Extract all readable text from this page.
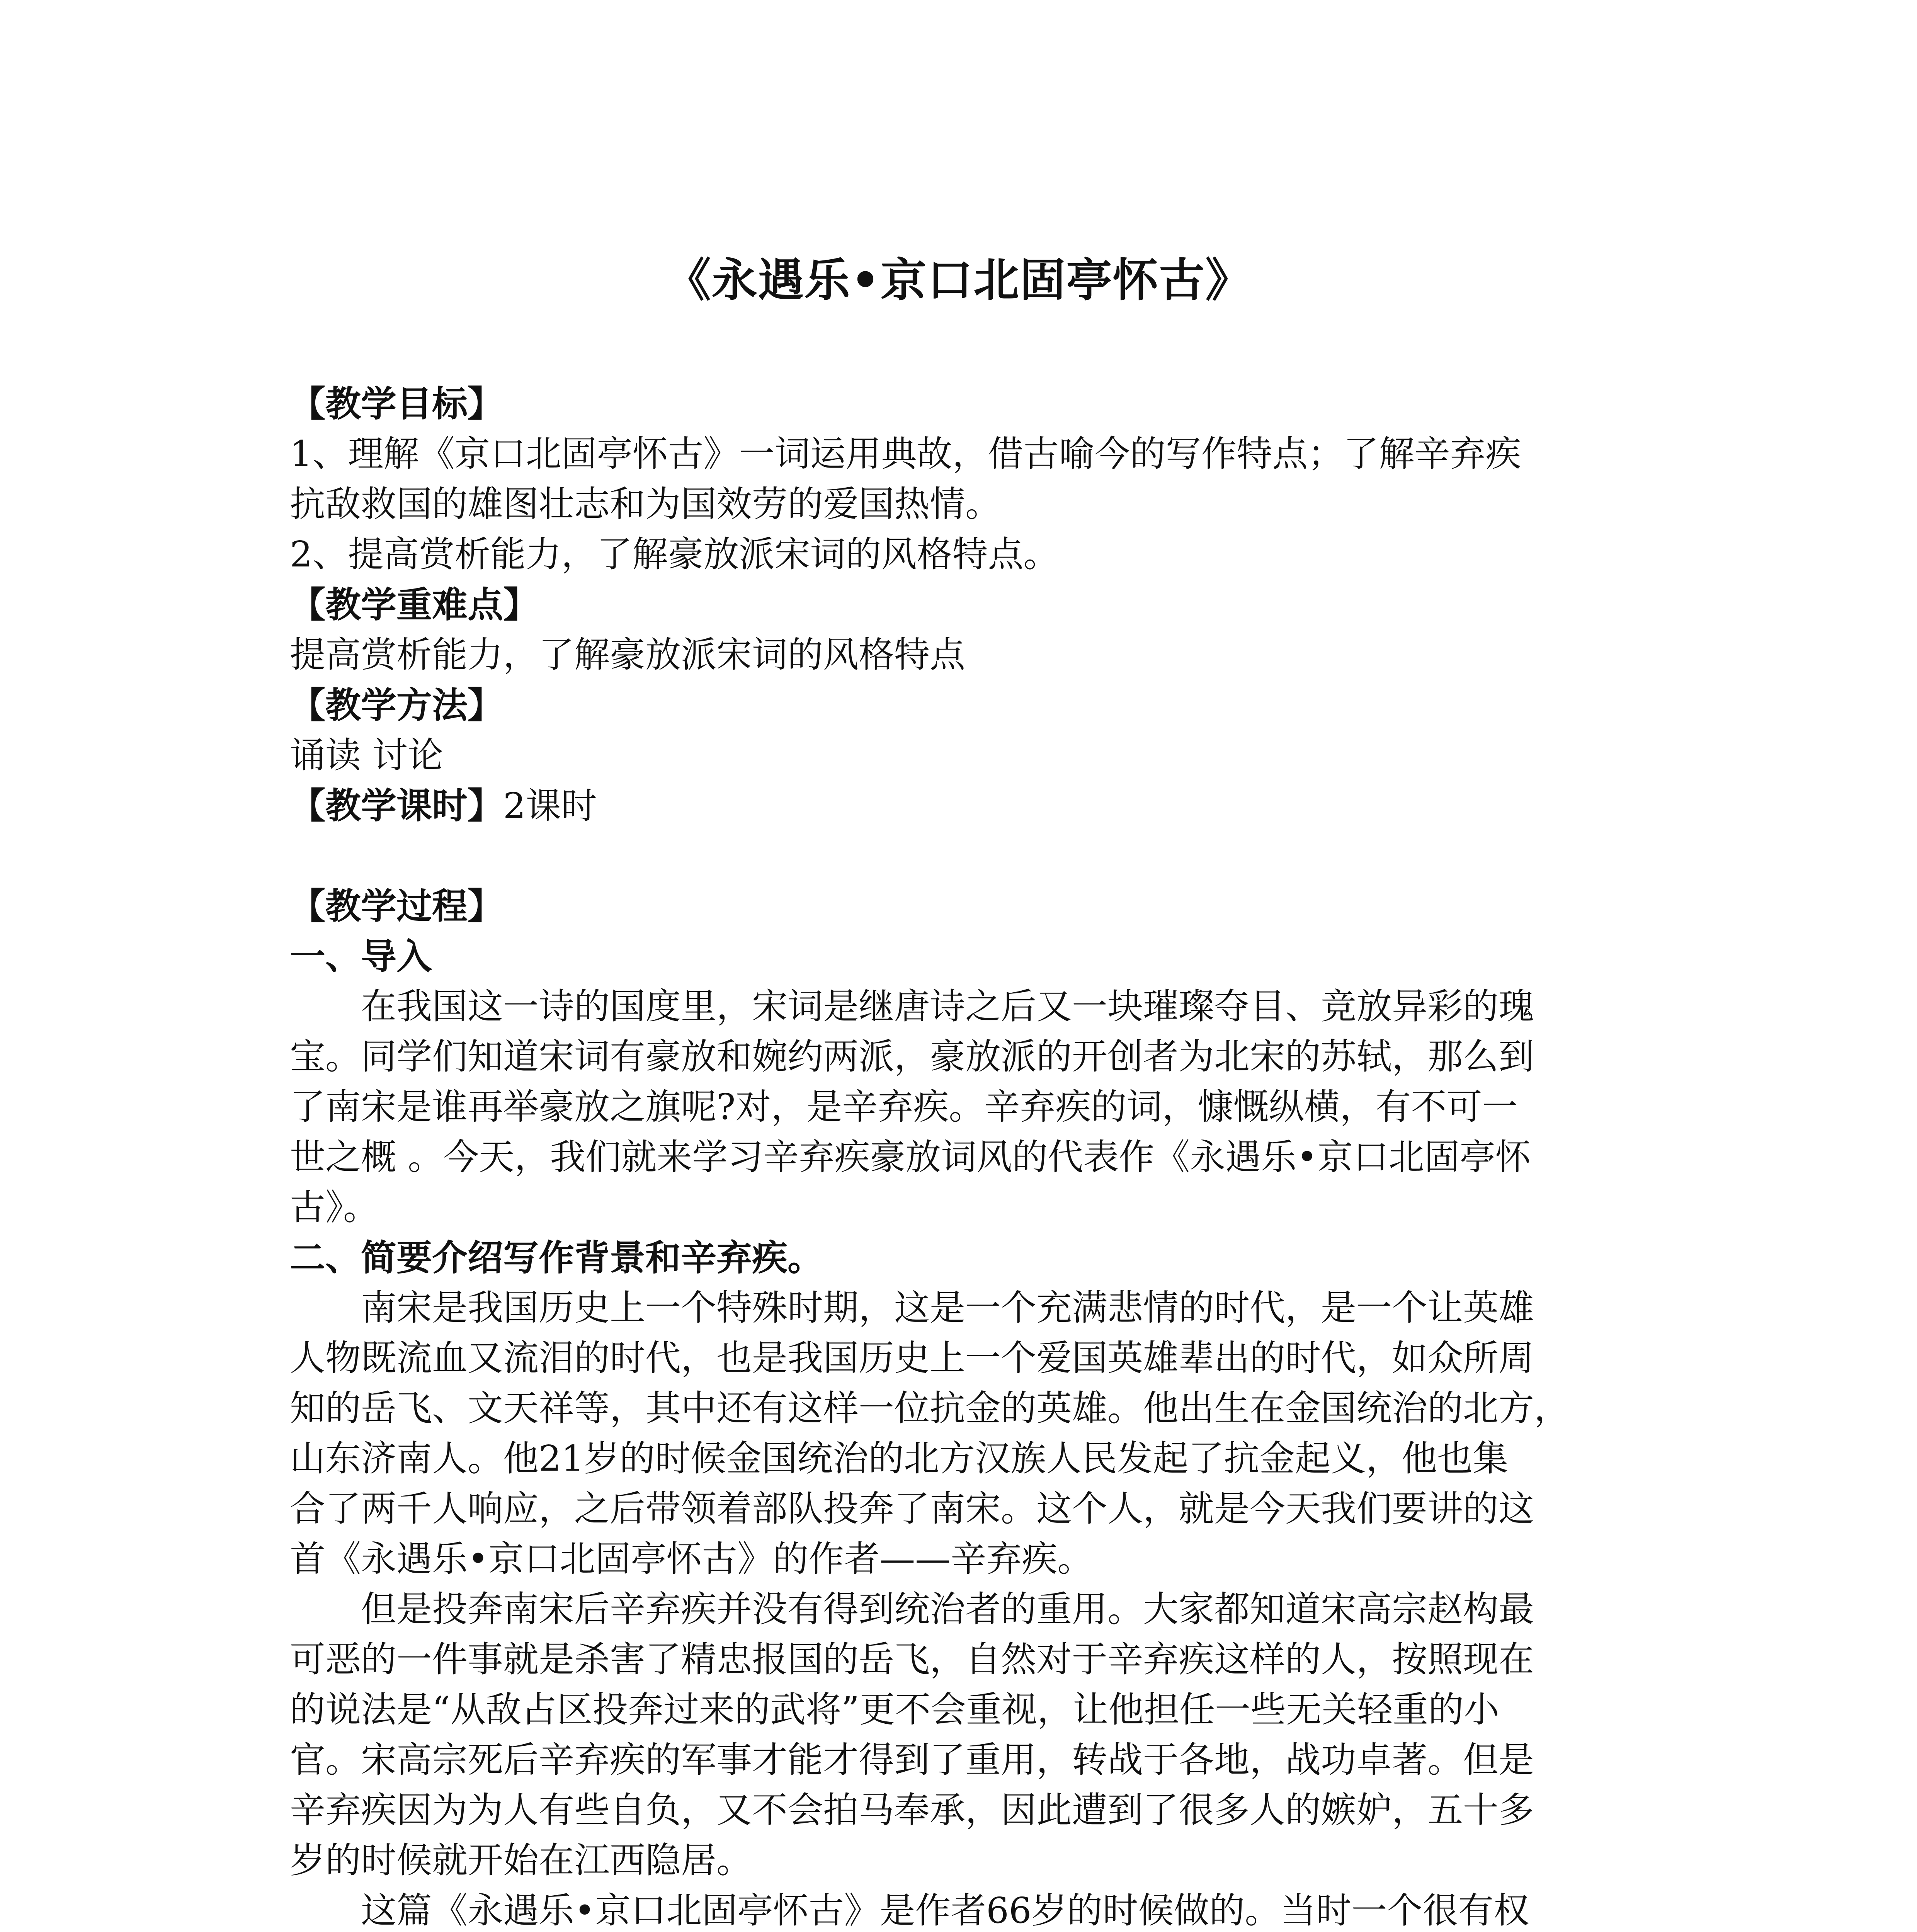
《永遇乐•京口北固亭怀古》
【教学目标】
1、理解《京口北固亭怀古》一词运用典故，借古喻今的写作特点；了解辛弃疾
抗敌救国的雄图壮志和为国效劳的爱国热情。
2、提高赏析能力，了解豪放派宋词的风格特点。
【教学重难点】
提高赏析能力，了解豪放派宋词的风格特点
【教学方法】
诵读 讨论
【教学课时】2课时
【教学过程】
一、导入
在我国这一诗的国度里，宋词是继唐诗之后又一块璀璨夺目、竞放异彩的瑰
宝。同学们知道宋词有豪放和婉约两派，豪放派的开创者为北宋的苏轼，那么到
了南宋是谁再举豪放之旗呢?对，是辛弃疾。辛弃疾的词，慷慨纵横，有不可一
世之概 。今天，我们就来学习辛弃疾豪放词风的代表作《永遇乐•京口北固亭怀
古》。
二、简要介绍写作背景和辛弃疾。
南宋是我国历史上一个特殊时期，这是一个充满悲情的时代，是一个让英雄
人物既流血又流泪的时代，也是我国历史上一个爱国英雄辈出的时代，如众所周
知的岳飞、文天祥等，其中还有这样一位抗金的英雄。他出生在金国统治的北方，
山东济南人。他21岁的时候金国统治的北方汉族人民发起了抗金起义，他也集
合了两千人响应，之后带领着部队投奔了南宋。这个人，就是今天我们要讲的这
首《永遇乐•京口北固亭怀古》的作者——辛弃疾。
但是投奔南宋后辛弃疾并没有得到统治者的重用。大家都知道宋高宗赵构最
可恶的一件事就是杀害了精忠报国的岳飞，自然对于辛弃疾这样的人，按照现在
的说法是“从敌占区投奔过来的武将”更不会重视，让他担任一些无关轻重的小
官。宋高宗死后辛弃疾的军事才能才得到了重用，转战于各地，战功卓著。但是
辛弃疾因为为人有些自负，又不会拍马奉承，因此遭到了很多人的嫉妒，五十多
岁的时候就开始在江西隐居。
这篇《永遇乐•京口北固亭怀古》是作者66岁的时候做的。当时一个很有权
